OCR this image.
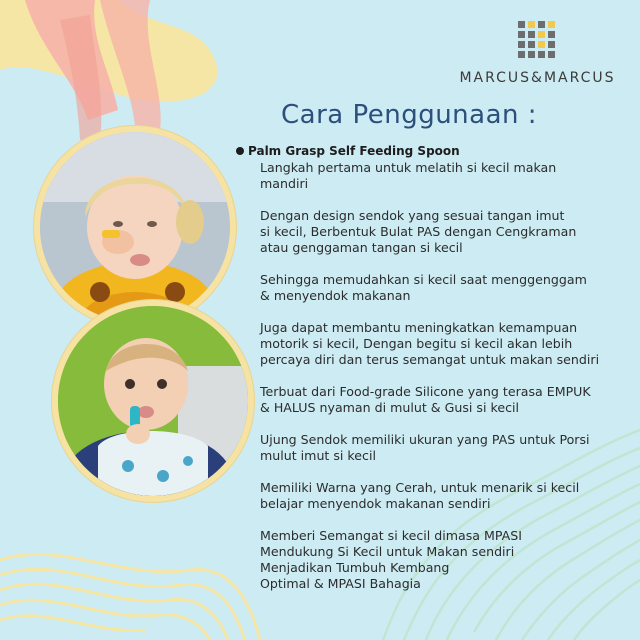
MARCUS&MARCUS
Cara Penggunaan :
Palm Grasp Self Feeding Spoon
Langkah pertama untuk melatih si kecil makan
mandiri
Dengan design sendok yang sesuai tangan imut
si kecil, Berbentuk Bulat PAS dengan Cengkraman
atau genggaman tangan si kecil
Sehingga memudahkan si kecil saat menggenggam
& menyendok makanan
Juga dapat membantu meningkatkan kemampuan
motorik si kecil, Dengan begitu si kecil akan lebih
percaya diri dan terus semangat untuk makan sendiri
Terbuat dari Food-grade Silicone yang terasa EMPUK
& HALUS nyaman di mulut & Gusi si kecil
Ujung Sendok memiliki ukuran yang PAS untuk Porsi
mulut imut si kecil
Memiliki Warna yang Cerah, untuk menarik si kecil
belajar menyendok makanan sendiri
Memberi Semangat si kecil dimasa MPASI
Mendukung Si Kecil untuk Makan sendiri
Menjadikan Tumbuh Kembang
Optimal & MPASI Bahagia
